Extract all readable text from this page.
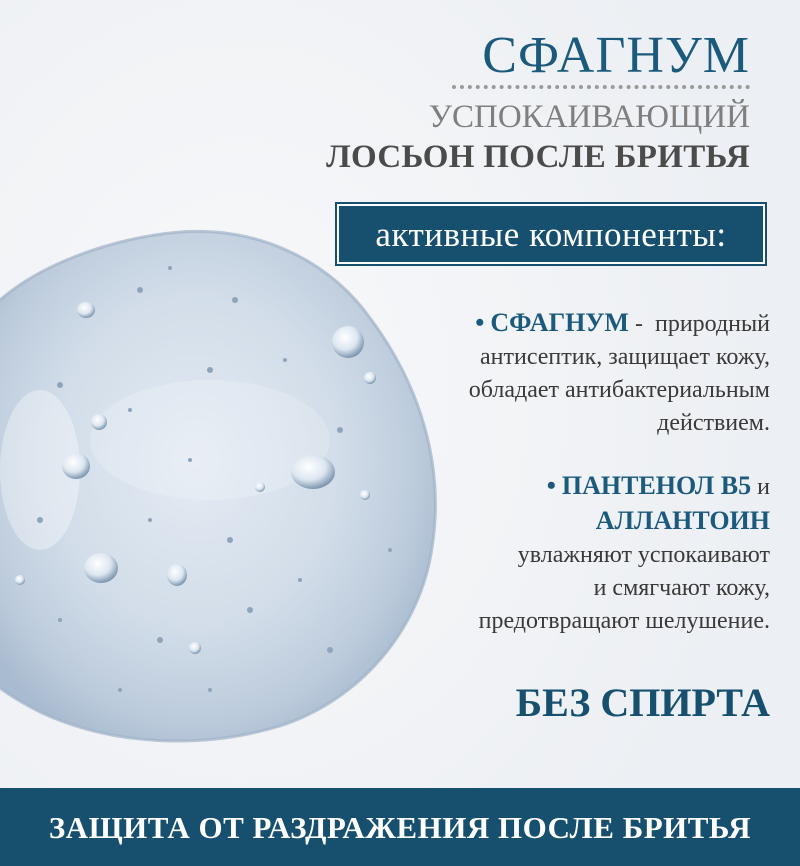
СФАГНУМ
УСПОКАИВАЮЩИЙ
ЛОСЬОН ПОСЛЕ БРИТЬЯ
активные компоненты:
• СФАГНУМ -  природный
антисептик, защищает кожу,
обладает антибактериальным
действием.
• ПАНТЕНОЛ B5 и
АЛЛАНТОИН
увлажняют успокаивают
и смягчают кожу,
предотвращают шелушение.
БЕЗ СПИРТА
ЗАЩИТА ОТ РАЗДРАЖЕНИЯ ПОСЛЕ БРИТЬЯ
